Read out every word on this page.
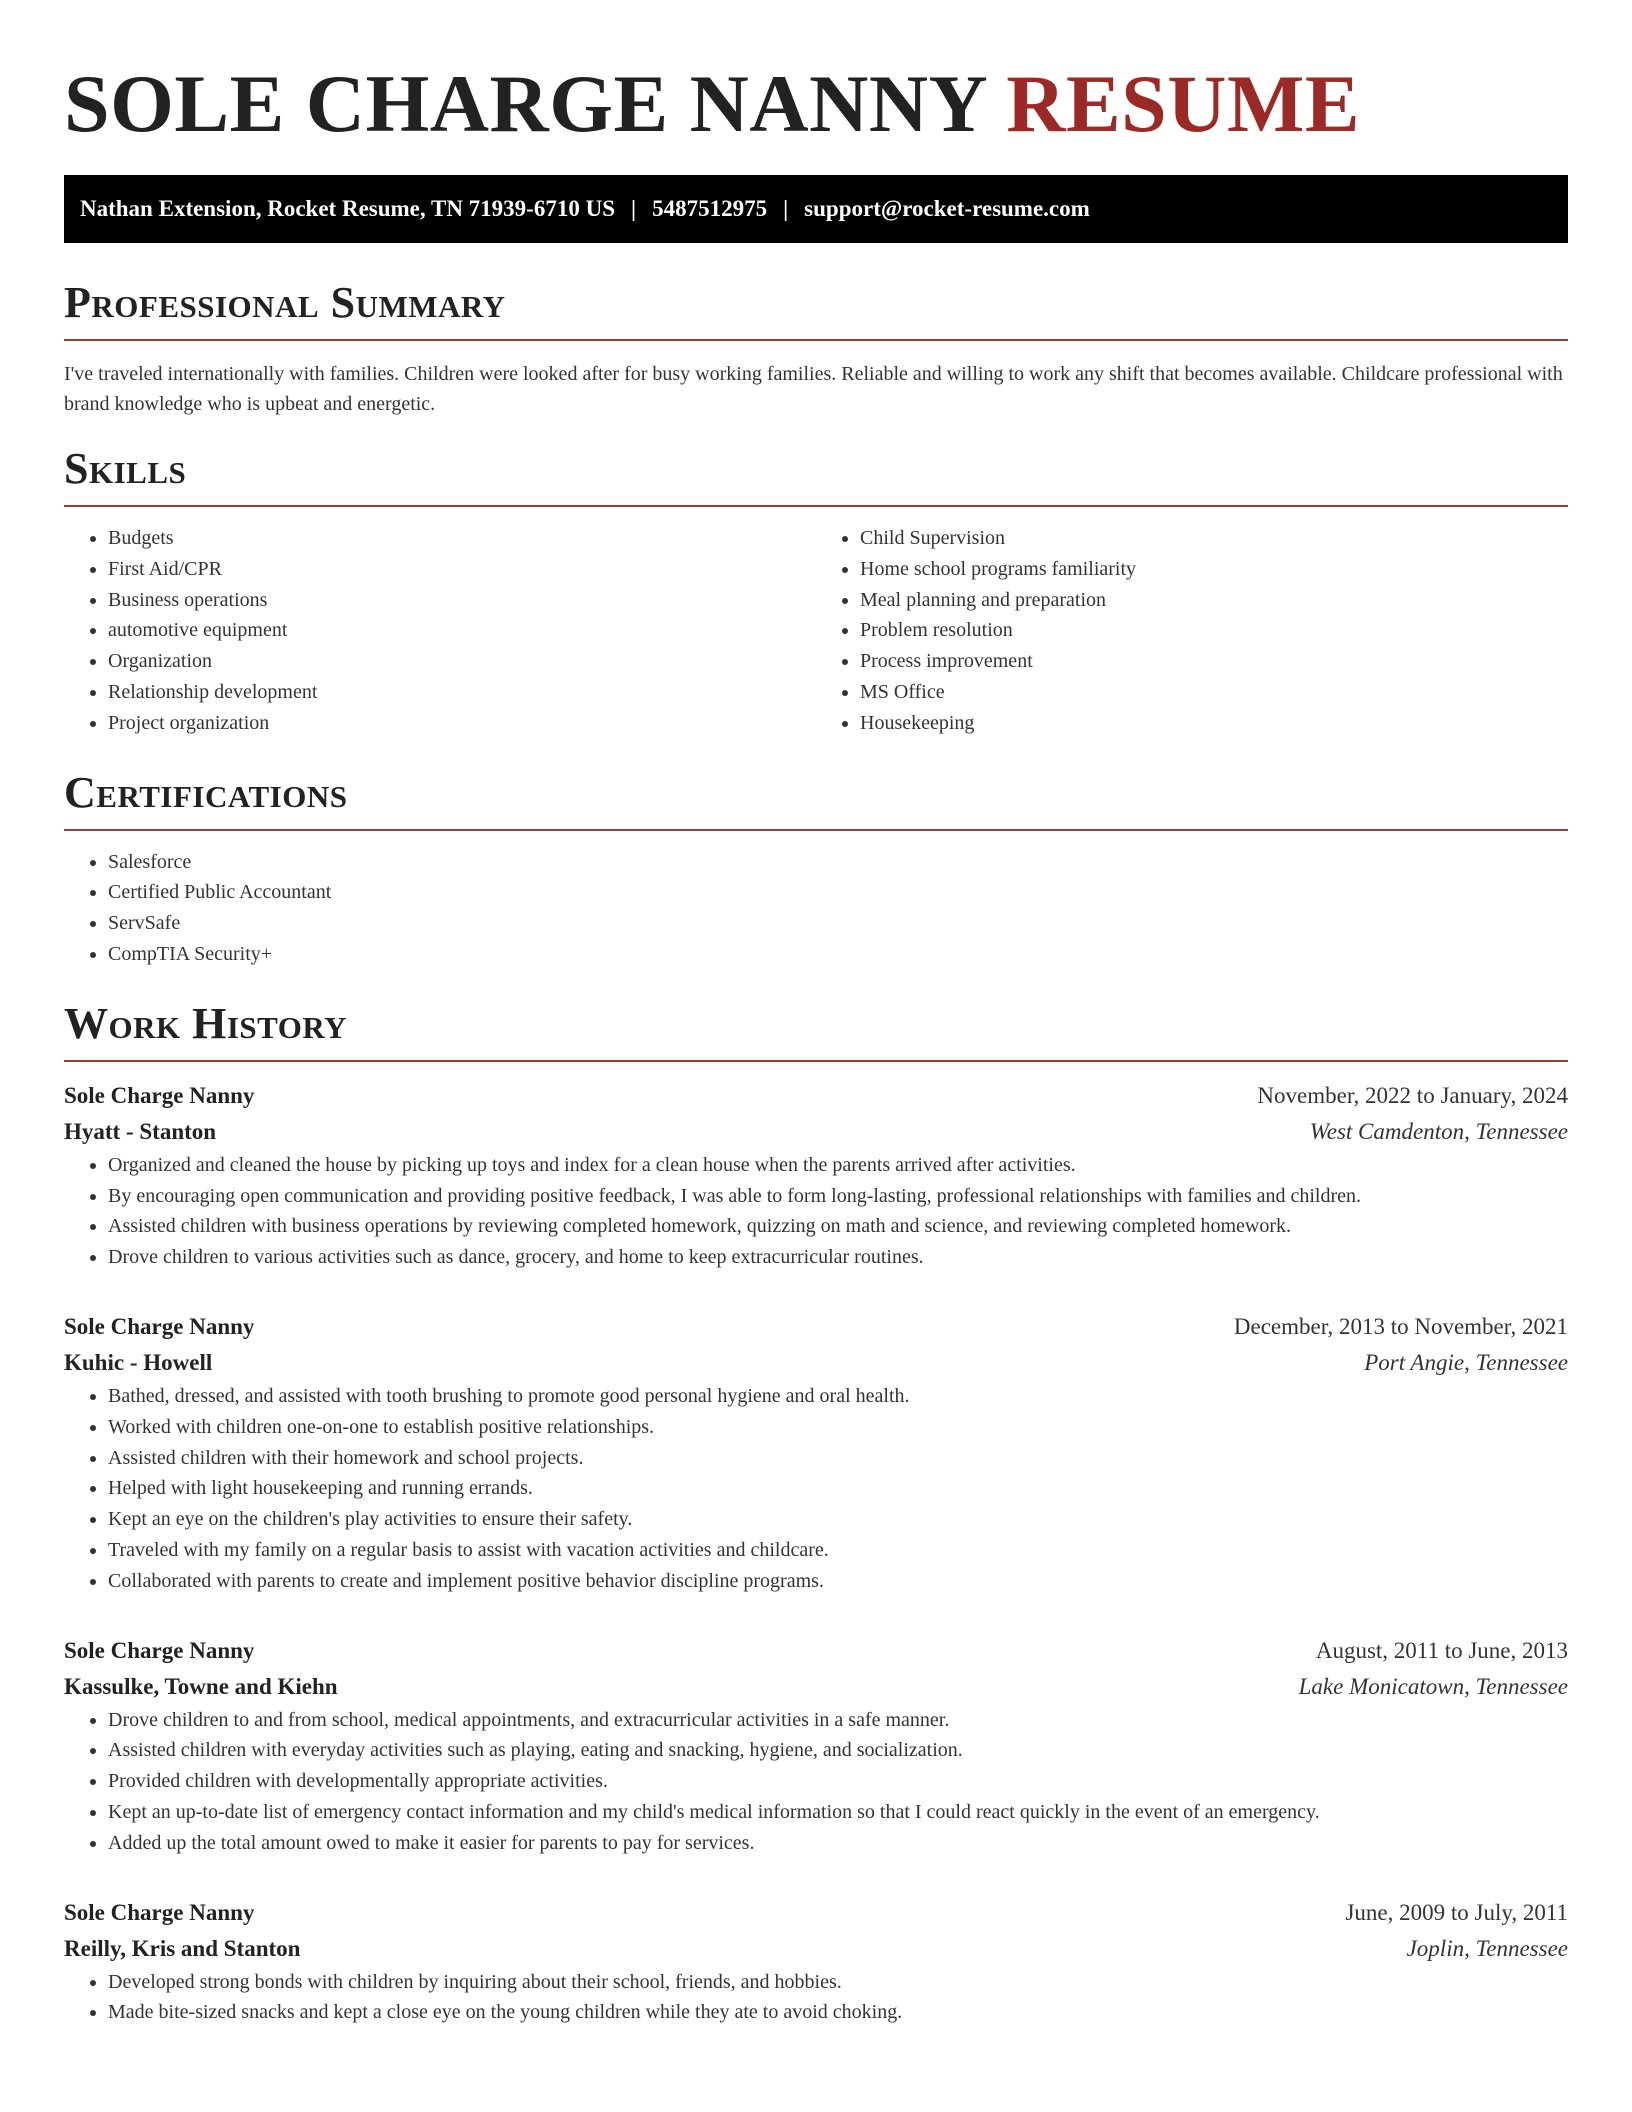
SOLE CHARGE NANNY RESUME
Nathan Extension, Rocket Resume, TN 71939-6710 US | 5487512975 | support@rocket-resume.com
Professional Summary

I've traveled internationally with families. Children were looked after for busy working families. Reliable and willing to work any shift that becomes available. Childcare professional with brand knowledge who is upbeat and energetic.

Skills
• Budgets
• First Aid/CPR
• Business operations
• automotive equipment
• Organization
• Relationship development
• Project organization
• Child Supervision
• Home school programs familiarity
• Meal planning and preparation
• Problem resolution
• Process improvement
• MS Office
• Housekeeping
Certifications
• Salesforce
• Certified Public Accountant
• ServSafe
• CompTIA Security+
Work History
Sole Charge Nanny	November, 2022 to January, 2024
Hyatt - Stanton	West Camdenton, Tennessee
• Organized and cleaned the house by picking up toys and index for a clean house when the parents arrived after activities.
• By encouraging open communication and providing positive feedback, I was able to form long-lasting, professional relationships with families and children.
• Assisted children with business operations by reviewing completed homework, quizzing on math and science, and reviewing completed homework.
• Drove children to various activities such as dance, grocery, and home to keep extracurricular routines.
Sole Charge Nanny	December, 2013 to November, 2021
Kuhic - Howell	Port Angie, Tennessee
• Bathed, dressed, and assisted with tooth brushing to promote good personal hygiene and oral health.
• Worked with children one-on-one to establish positive relationships.
• Assisted children with their homework and school projects.
• Helped with light housekeeping and running errands.
• Kept an eye on the children's play activities to ensure their safety.
• Traveled with my family on a regular basis to assist with vacation activities and childcare.
• Collaborated with parents to create and implement positive behavior discipline programs.
Sole Charge Nanny	August, 2011 to June, 2013
Kassulke, Towne and Kiehn	Lake Monicatown, Tennessee
• Drove children to and from school, medical appointments, and extracurricular activities in a safe manner.
• Assisted children with everyday activities such as playing, eating and snacking, hygiene, and socialization.
• Provided children with developmentally appropriate activities.
• Kept an up-to-date list of emergency contact information and my child's medical information so that I could react quickly in the event of an emergency.
• Added up the total amount owed to make it easier for parents to pay for services.
Sole Charge Nanny	June, 2009 to July, 2011
Reilly, Kris and Stanton	Joplin, Tennessee
• Developed strong bonds with children by inquiring about their school, friends, and hobbies.
• Made bite-sized snacks and kept a close eye on the young children while they ate to avoid choking.
